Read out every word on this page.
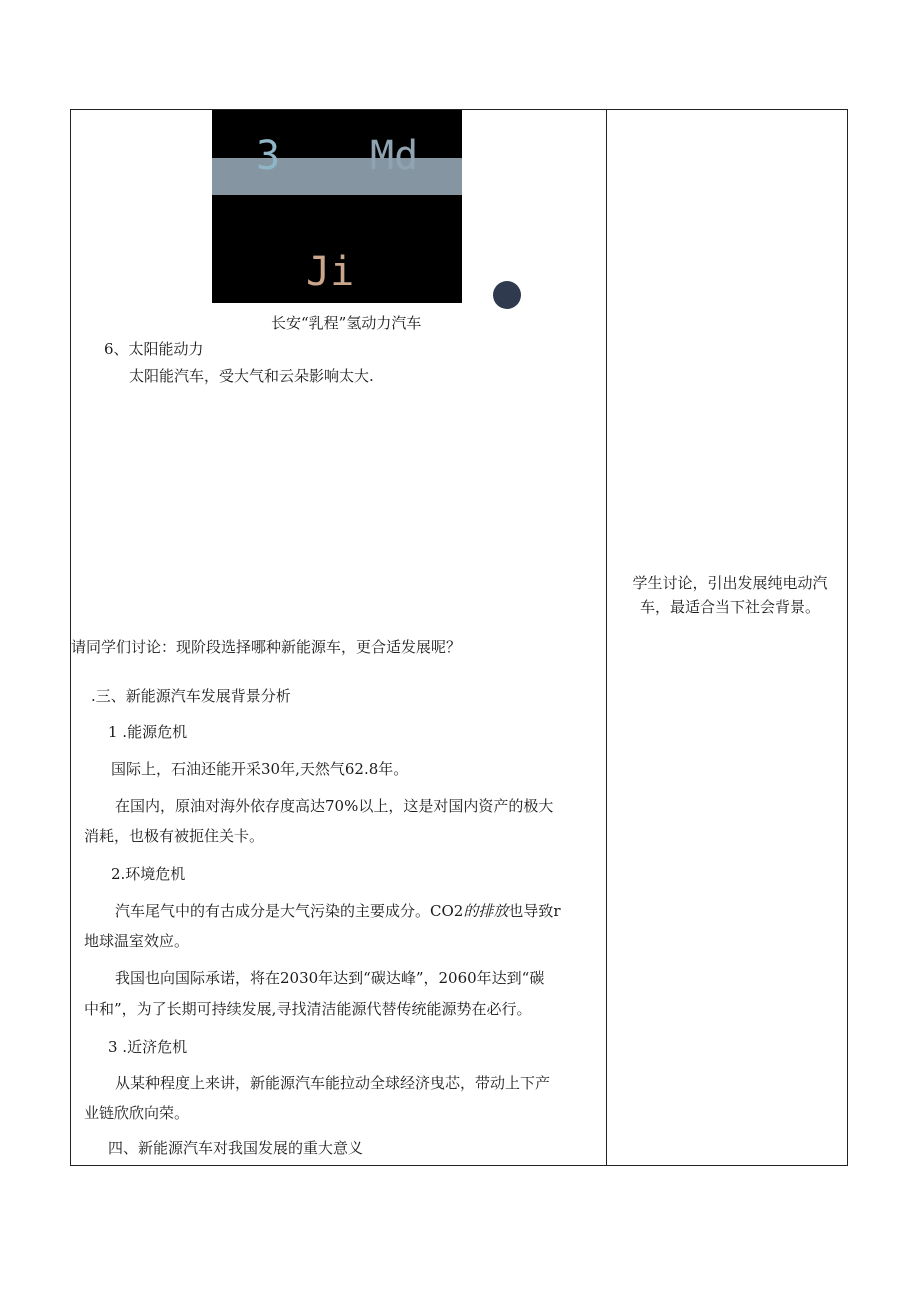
3 Md
Ji
长安“乳程”氢动力汽车
6、太阳能动力
太阳能汽车，受大气和云朵影响太大.
请同学们讨论：现阶段选择哪种新能源车，更合适发展呢？
.三、新能源汽车发展背景分析
1 .能源危机
国际上，石油还能开采30年,天然气62.8年。
在国内，原油对海外依存度高达70%以上，这是对国内资产的极大
消耗，也极有被扼住关卡。
2.环境危机
汽车尾气中的有古成分是大气污染的主要成分。CO2的排放也导致r
地球温室效应。
我国也向国际承诺，将在2030年达到“碳达峰”，2060年达到“碳
中和”，为了长期可持续发展,寻找清洁能源代替传统能源势在必行。
3 .近济危机
从某种程度上来讲，新能源汽车能拉动全球经济曳芯，带动上下产
业链欣欣向荣。
四、新能源汽车对我国发展的重大意义
学生讨论，引出发展纯电动汽
车，最适合当下社会背景。
